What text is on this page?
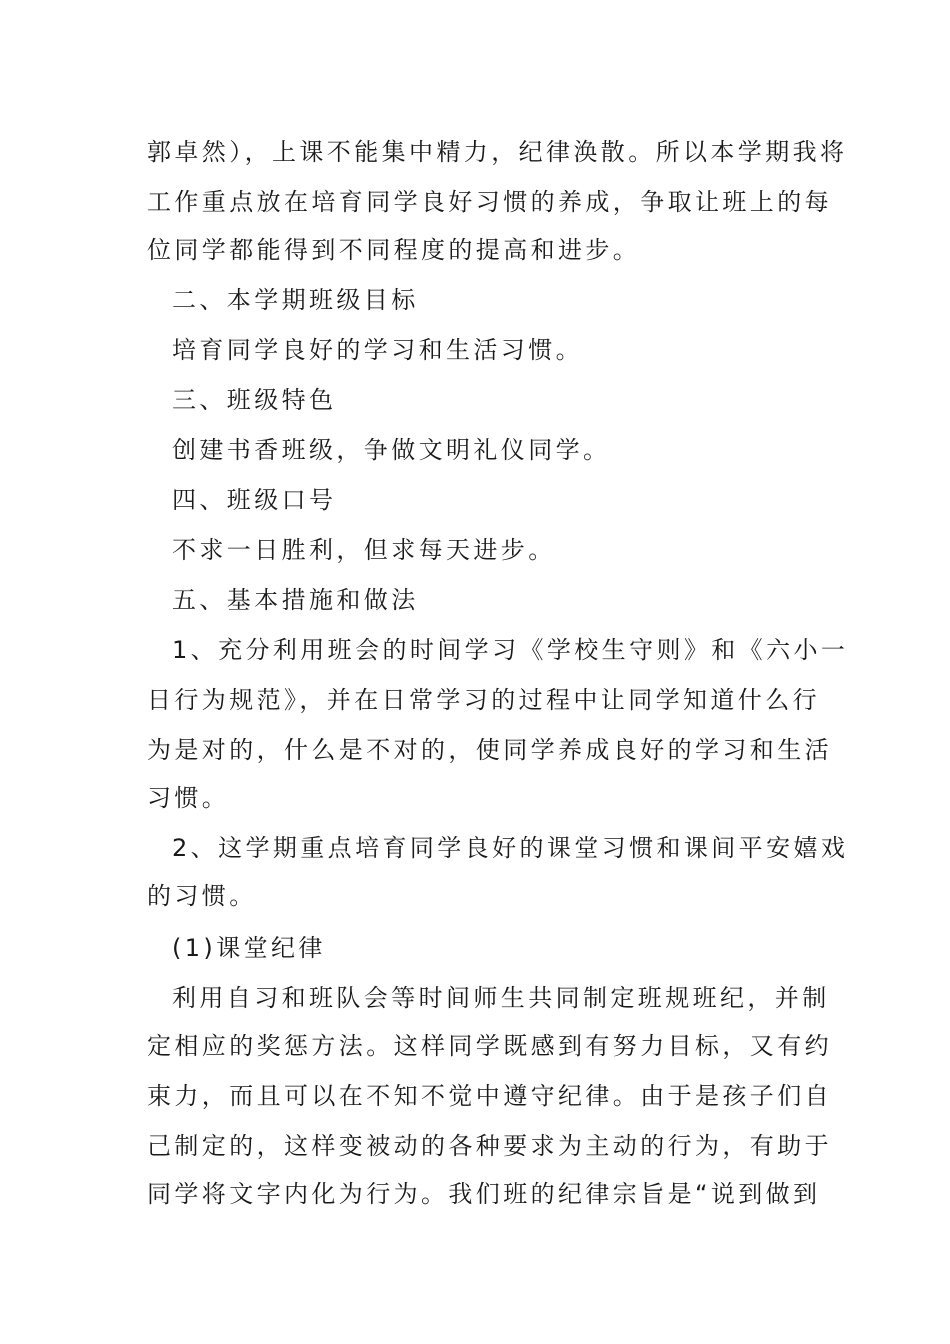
郭卓然），上课不能集中精力，纪律涣散。所以本学期我将
工作重点放在培育同学良好习惯的养成，争取让班上的每
位同学都能得到不同程度的提高和进步。
二、本学期班级目标
培育同学良好的学习和生活习惯。
三、班级特色
创建书香班级，争做文明礼仪同学。
四、班级口号
不求一日胜利，但求每天进步。
五、基本措施和做法
1、充分利用班会的时间学习《学校生守则》和《六小一
日行为规范》，并在日常学习的过程中让同学知道什么行
为是对的，什么是不对的，使同学养成良好的学习和生活
习惯。
2、这学期重点培育同学良好的课堂习惯和课间平安嬉戏
的习惯。
(1)课堂纪律
利用自习和班队会等时间师生共同制定班规班纪，并制
定相应的奖惩方法。这样同学既感到有努力目标，又有约
束力，而且可以在不知不觉中遵守纪律。由于是孩子们自
己制定的，这样变被动的各种要求为主动的行为，有助于
同学将文字内化为行为。我们班的纪律宗旨是“说到做到
